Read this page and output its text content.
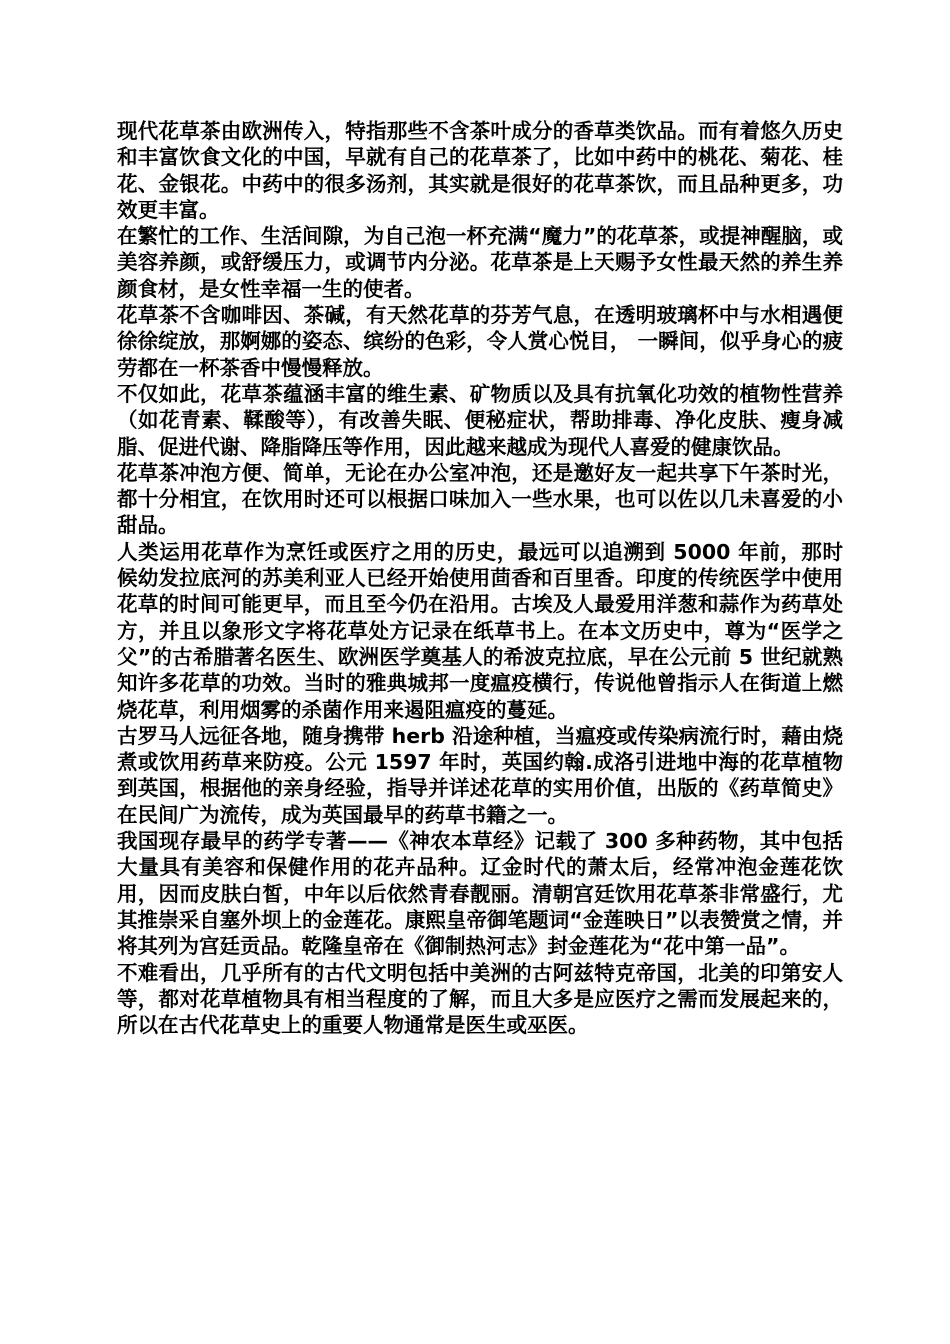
现代花草茶由欧洲传入，特指那些不含茶叶成分的香草类饮品。而有着悠久历史和丰富饮食文化的中国，早就有自己的花草茶了，比如中药中的桃花、菊花、桂花、金银花。中药中的很多汤剂，其实就是很好的花草茶饮，而且品种更多，功效更丰富。

在繁忙的工作、生活间隙，为自己泡一杯充满“魔力”的花草茶，或提神醒脑，或美容养颜，或舒缓压力，或调节内分泌。花草茶是上天赐予女性最天然的养生养颜食材，是女性幸福一生的使者。

花草茶不含咖啡因、茶碱，有天然花草的芬芳气息，在透明玻璃杯中与水相遇便徐徐绽放，那婀娜的姿态、缤纷的色彩，令人赏心悦目， 一瞬间，似乎身心的疲劳都在一杯茶香中慢慢释放。

不仅如此，花草茶蕴涵丰富的维生素、矿物质以及具有抗氧化功效的植物性营养（如花青素、鞣酸等），有改善失眠、便秘症状，帮助排毒、净化皮肤、瘦身减脂、促进代谢、降脂降压等作用，因此越来越成为现代人喜爱的健康饮品。

花草茶冲泡方便、简单，无论在办公室冲泡，还是邀好友一起共享下午茶时光，都十分相宜，在饮用时还可以根据口味加入一些水果，也可以佐以几未喜爱的小甜品。

人类运用花草作为烹饪或医疗之用的历史，最远可以追溯到 5000 年前，那时候幼发拉底河的苏美利亚人已经开始使用茴香和百里香。印度的传统医学中使用花草的时间可能更早，而且至今仍在沿用。古埃及人最爱用洋葱和蒜作为药草处方，并且以象形文字将花草处方记录在纸草书上。在本文历史中，尊为“医学之父”的古希腊著名医生、欧洲医学奠基人的希波克拉底，早在公元前 5 世纪就熟知许多花草的功效。当时的雅典城邦一度瘟疫横行，传说他曾指示人在街道上燃烧花草，利用烟雾的杀菌作用来遏阻瘟疫的蔓延。

古罗马人远征各地，随身携带 herb 沿途种植，当瘟疫或传染病流行时，藉由烧煮或饮用药草来防疫。公元 1597 年时，英国约翰.成洛引进地中海的花草植物到英国，根据他的亲身经验，指导并详述花草的实用价值，出版的《药草简史》在民间广为流传，成为英国最早的药草书籍之一。

我国现存最早的药学专著——《神农本草经》记载了 300 多种药物，其中包括大量具有美容和保健作用的花卉品种。辽金时代的萧太后，经常冲泡金莲花饮用，因而皮肤白皙，中年以后依然青春靓丽。清朝宫廷饮用花草茶非常盛行，尤其推崇采自塞外坝上的金莲花。康熙皇帝御笔题词“金莲映日”以表赞赏之情，并将其列为宫廷贡品。乾隆皇帝在《御制热河志》封金莲花为“花中第一品”。

不难看出，几乎所有的古代文明包括中美洲的古阿兹特克帝国，北美的印第安人等，都对花草植物具有相当程度的了解，而且大多是应医疗之需而发展起来的，所以在古代花草史上的重要人物通常是医生或巫医。
